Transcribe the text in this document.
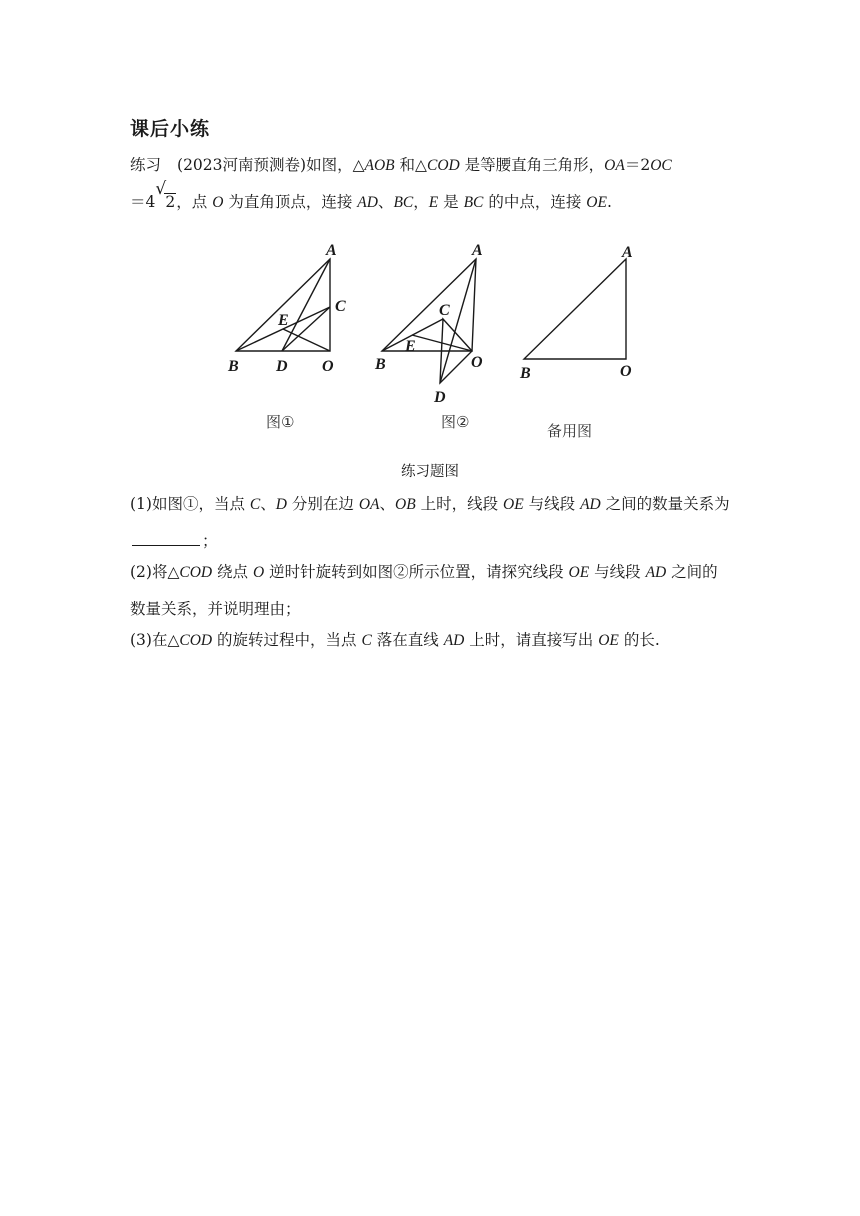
课后小练
练习 (2023河南预测卷)如图，△AOB 和△COD 是等腰直角三角形，OA＝2OC
＝4
√
2，点 O 为直角顶点，连接 AD、BC，E 是 BC 的中点，连接 OE.
A
B D O
C
E
A
B	O
C
D
E
A
B	O
图①	图②	备用图
练习题图
(1)如图①，当点 C、D 分别在边 OA、OB 上时，线段 OE 与线段 AD 之间的数量关系为；
(2)将△COD 绕点 O 逆时针旋转到如图②所示位置，请探究线段 OE 与线段 AD 之间的数量关系，并说明理由；
(3)在△COD 的旋转过程中，当点 C 落在直线 AD 上时，请直接写出 OE 的长.
